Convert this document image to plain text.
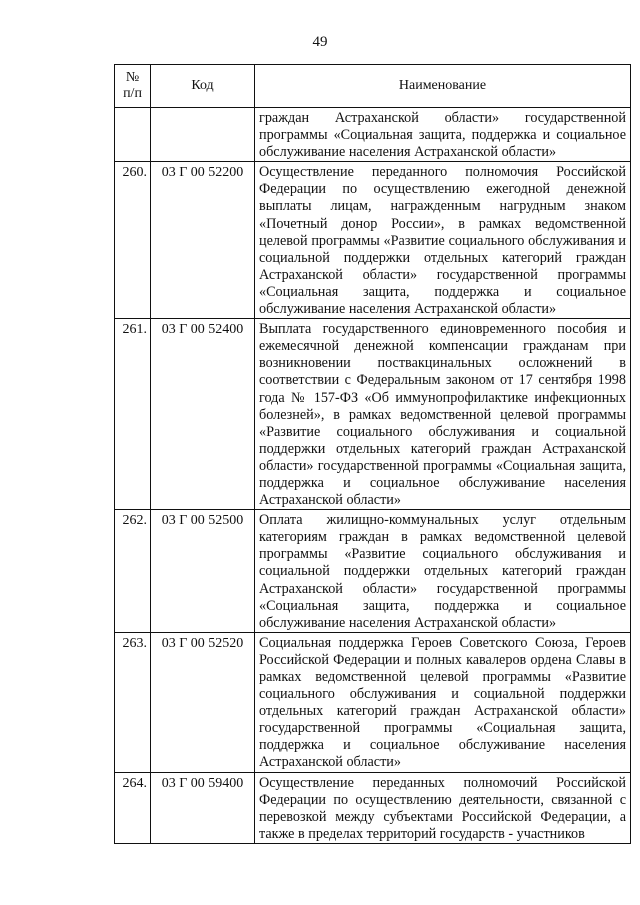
49
№
п/п	Код	Наименование
		граждан Астраханской области» государственной программы «Социальная защита, поддержка и социальное обслуживание населения Астраханской области»
260.	03 Г 00 52200	Осуществление переданного полномочия Российской Федерации по осуществлению ежегодной денежной выплаты лицам, награжденным нагрудным знаком «Почетный донор России», в рамках ведомственной целевой программы «Развитие социального обслуживания и социальной поддержки отдельных категорий граждан Астраханской области» государственной программы «Социальная защита, поддержка и социальное обслуживание населения Астраханской области»
261.	03 Г 00 52400	Выплата государственного единовременного пособия и ежемесячной денежной компенсации гражданам при возникновении поствакцинальных осложнений в соответствии с Федеральным законом от 17 сентября 1998 года № 157-ФЗ «Об иммунопрофилактике инфекционных болезней», в рамках ведомственной целевой программы «Развитие социального обслуживания и социальной поддержки отдельных категорий граждан Астраханской области» государственной программы «Социальная защита, поддержка и социальное обслуживание населения Астраханской области»
262.	03 Г 00 52500	Оплата жилищно-коммунальных услуг отдельным категориям граждан в рамках ведомственной целевой программы «Развитие социального обслуживания и социальной поддержки отдельных категорий граждан Астраханской области» государственной программы «Социальная защита, поддержка и социальное обслуживание населения Астраханской области»
263.	03 Г 00 52520	Социальная поддержка Героев Советского Союза, Героев Российской Федерации и полных кавалеров ордена Славы в рамках ведомственной целевой программы «Развитие социального обслуживания и социальной поддержки отдельных категорий граждан Астраханской области» государственной программы «Социальная защита, поддержка и социальное обслуживание населения Астраханской области»
264.	03 Г 00 59400	Осуществление переданных полномочий Российской Федерации по осуществлению деятельности, связанной с перевозкой между субъектами Российской Федерации, а также в пределах территорий государств - участников
